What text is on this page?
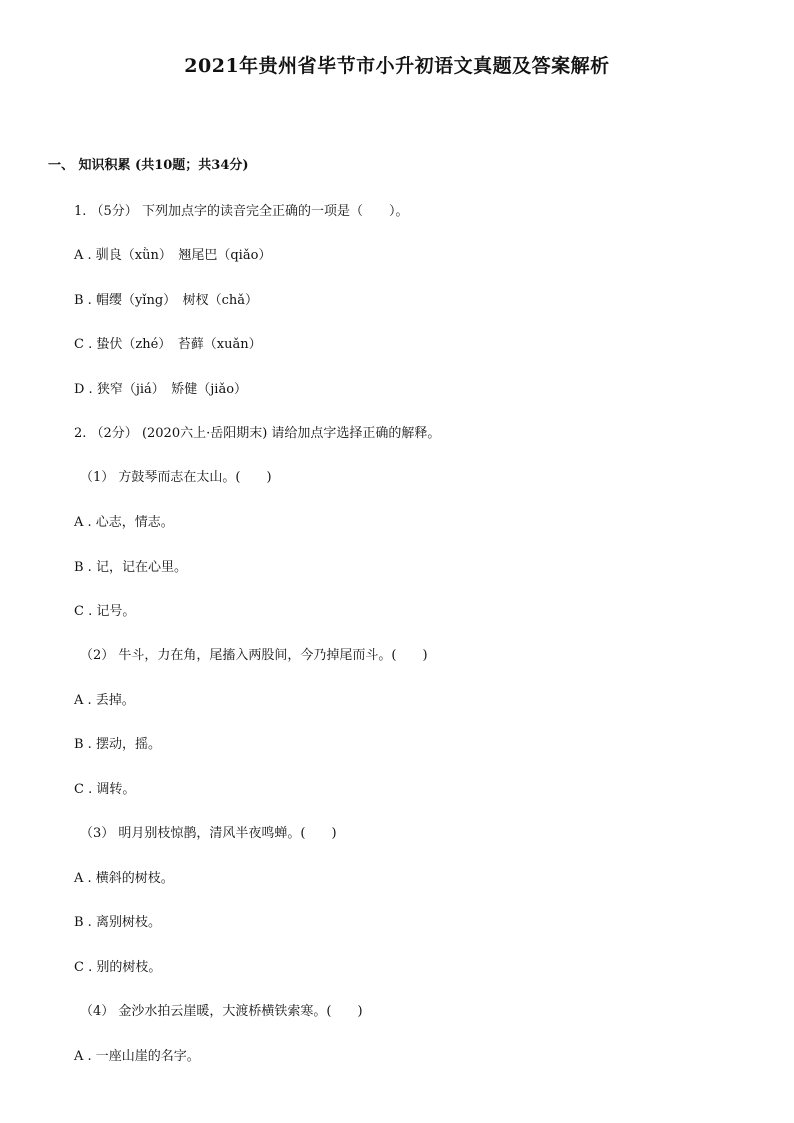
2021年贵州省毕节市小升初语文真题及答案解析
一、 知识积累 (共10题；共34分)
1. （5分） 下列加点字的读音完全正确的一项是（　　）。
A . 驯良（xǜn）　翘尾巴（qiǎo）
B . 帽缨（yǐng）　树杈（chǎ）
C . 蛰伏（zhé）　苔藓（xuǎn）
D . 狭窄（jiá）　矫健（jiǎo）
2. （2分） (2020六上·岳阳期末) 请给加点字选择正确的解释。
（1） 方鼓琴而志在太山。(　　)
A . 心志，情志。
B . 记，记在心里。
C . 记号。
（2） 牛斗，力在角，尾搐入两股间，今乃掉尾而斗。(　　)
A . 丢掉。
B . 摆动，摇。
C . 调转。
（3） 明月别枝惊鹊，清风半夜鸣蝉。(　　)
A . 横斜的树枝。
B . 离别树枝。
C . 别的树枝。
（4） 金沙水拍云崖暖，大渡桥横铁索寒。(　　)
A . 一座山崖的名字。
